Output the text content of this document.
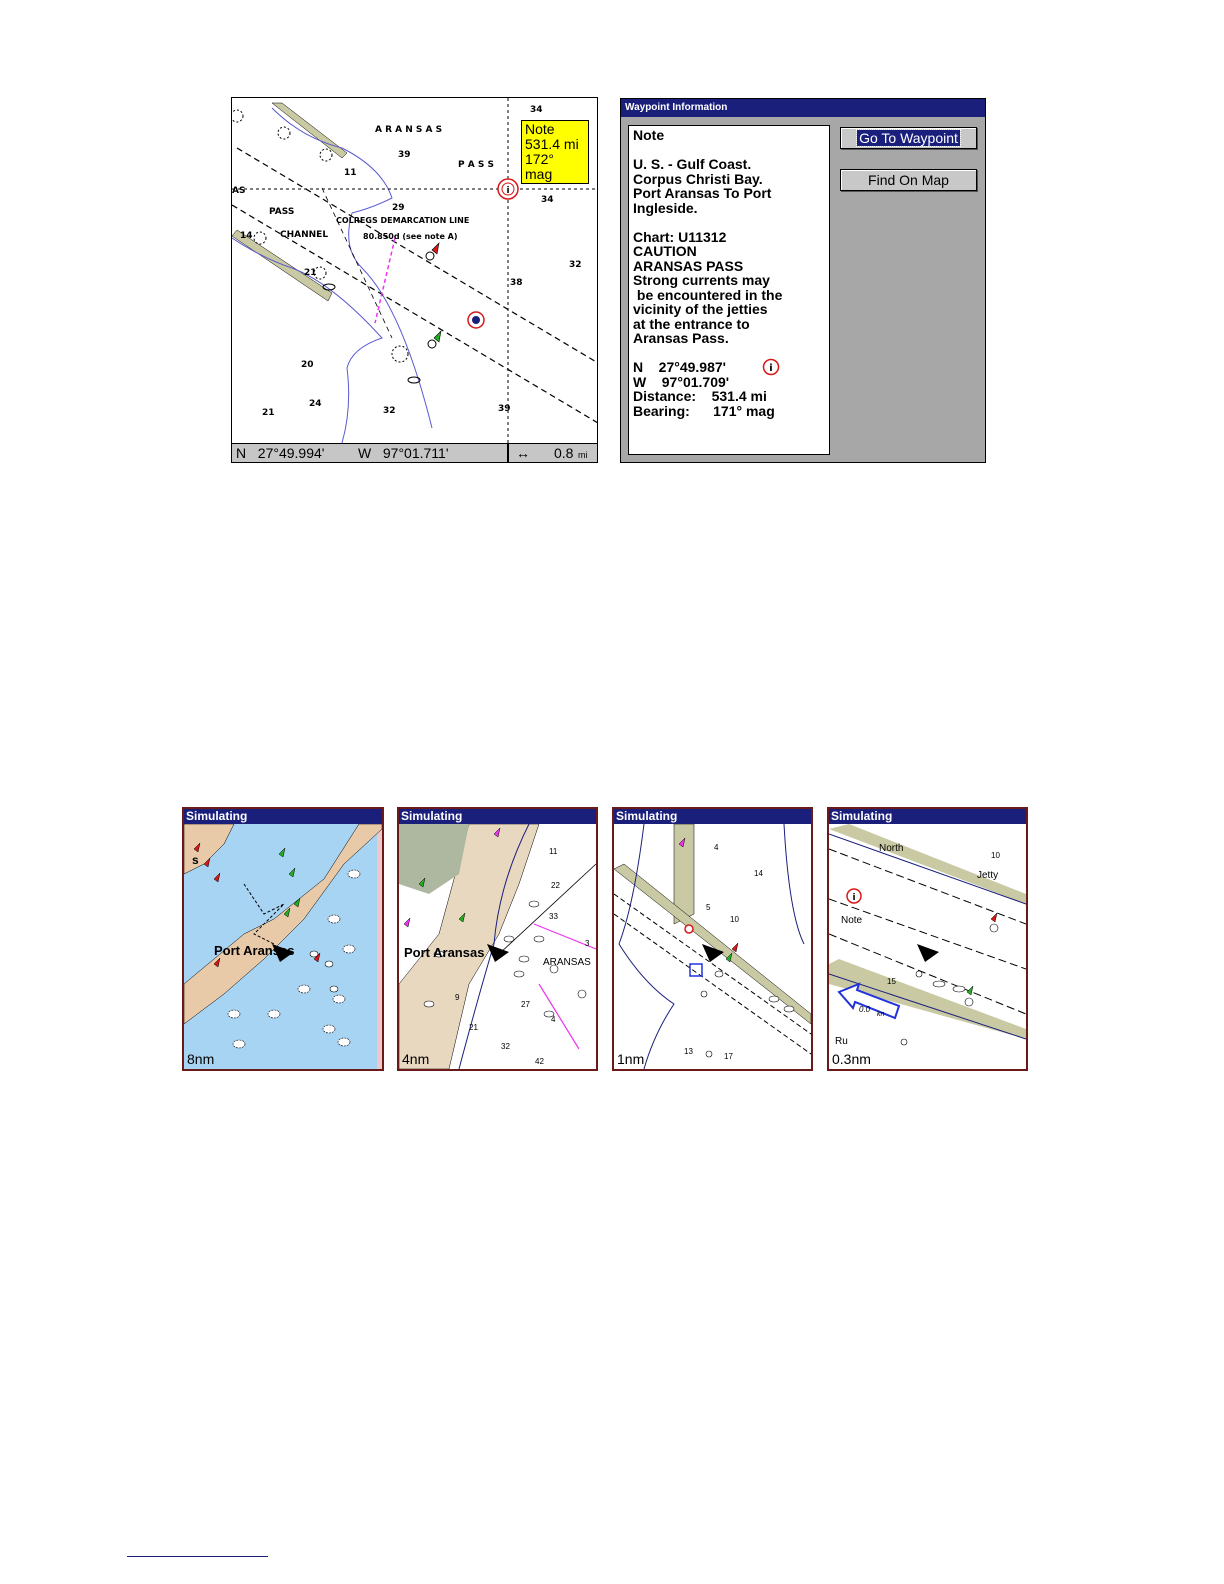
i
A R A N S A S
P A S S
AS
PASS
CHANNEL
COLREGS DEMARCATION LINE
80.850d (see note A)
34
39
11
29
34
14
21
38
32
20
24
32
21	39
Note
531.4 mi
172° mag
N   27°49.994' W   97°01.711'	↔ 0.8 mi
Waypoint Information
Note
U. S. - Gulf Coast.
Corpus Christi Bay.
Port Aransas To Port
Ingleside.
Chart: U11312
CAUTION
ARANSAS PASS
Strong currents may
be encountered in the
vicinity of the jetties
at the entrance to
Aransas Pass.
N    27°49.987'
W    97°01.709'
Distance:    531.4 mi
Bearing:      171° mag
i
Go To Waypoint
Find On Map
Simulating
Port Aransas
s
8nm
Simulating
Port Aransas
ARANSAS
11
22
33
27
21
32
42
4
9
3
4nm
Simulating
4
14
5
10
13
17
1nm
Simulating
i
North
10
Jetty
Note
15
Ru
0.0
kn
0.3nm
